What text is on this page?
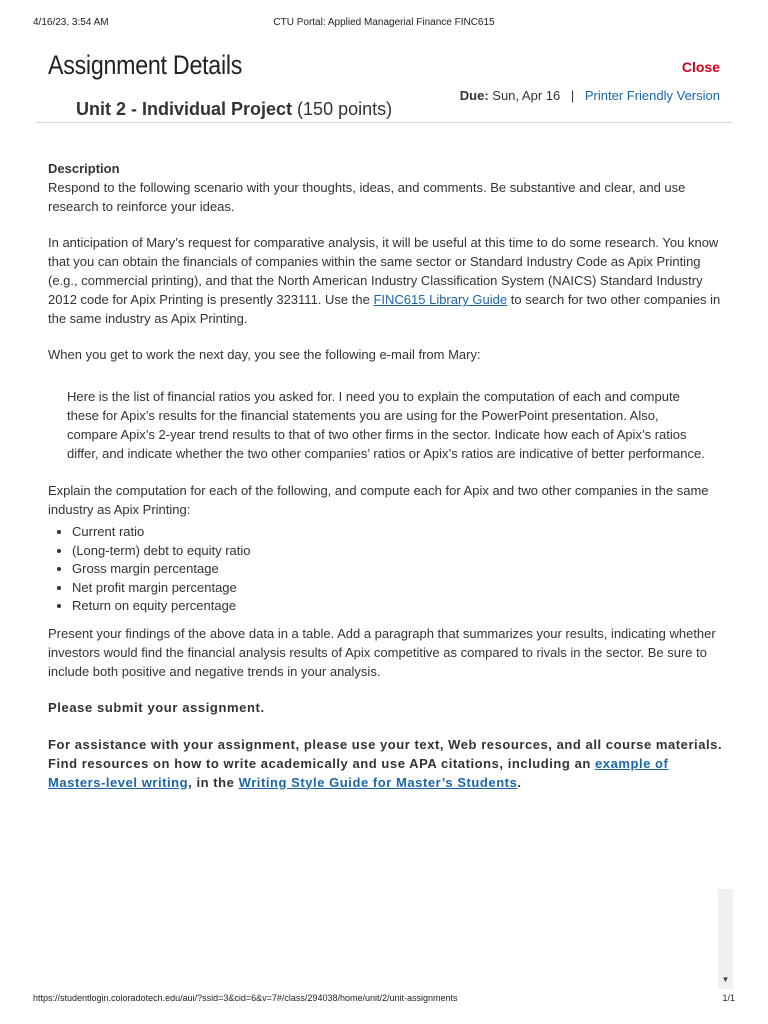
4/16/23, 3:54 AM	CTU Portal: Applied Managerial Finance FINC615
Assignment Details	Close
Due: Sun, Apr 16 | Printer Friendly Version
Unit 2 - Individual Project (150 points)

Description

Respond to the following scenario with your thoughts, ideas, and comments. Be substantive and clear, and use research to reinforce your ideas.

In anticipation of Mary’s request for comparative analysis, it will be useful at this time to do some research. You know that you can obtain the financials of companies within the same sector or Standard Industry Code as Apix Printing (e.g., commercial printing), and that the North American Industry Classification System (NAICS) Standard Industry 2012 code for Apix Printing is presently 323111. Use the FINC615 Library Guide to search for two other companies in the same industry as Apix Printing.

When you get to work the next day, you see the following e-mail from Mary:

Here is the list of financial ratios you asked for. I need you to explain the computation of each and compute these for Apix’s results for the financial statements you are using for the PowerPoint presentation. Also, compare Apix’s 2-year trend results to that of two other firms in the sector. Indicate how each of Apix’s ratios differ, and indicate whether the two other companies’ ratios or Apix’s ratios are indicative of better performance.

Explain the computation for each of the following, and compute each for Apix and two other companies in the same industry as Apix Printing:

• Current ratio
• (Long-term) debt to equity ratio
• Gross margin percentage
• Net profit margin percentage
• Return on equity percentage

Present your findings of the above data in a table. Add a paragraph that summarizes your results, indicating whether investors would find the financial analysis results of Apix competitive as compared to rivals in the sector. Be sure to include both positive and negative trends in your analysis.

Please submit your assignment.

For assistance with your assignment, please use your text, Web resources, and all course materials. Find resources on how to write academically and use APA citations, including an example of Masters-level writing, in the Writing Style Guide for Master’s Students.

▼
https://studentlogin.coloradotech.edu/aui/?ssid=3&cid=6&v=7#/class/294038/home/unit/2/unit-assignments	1/1
